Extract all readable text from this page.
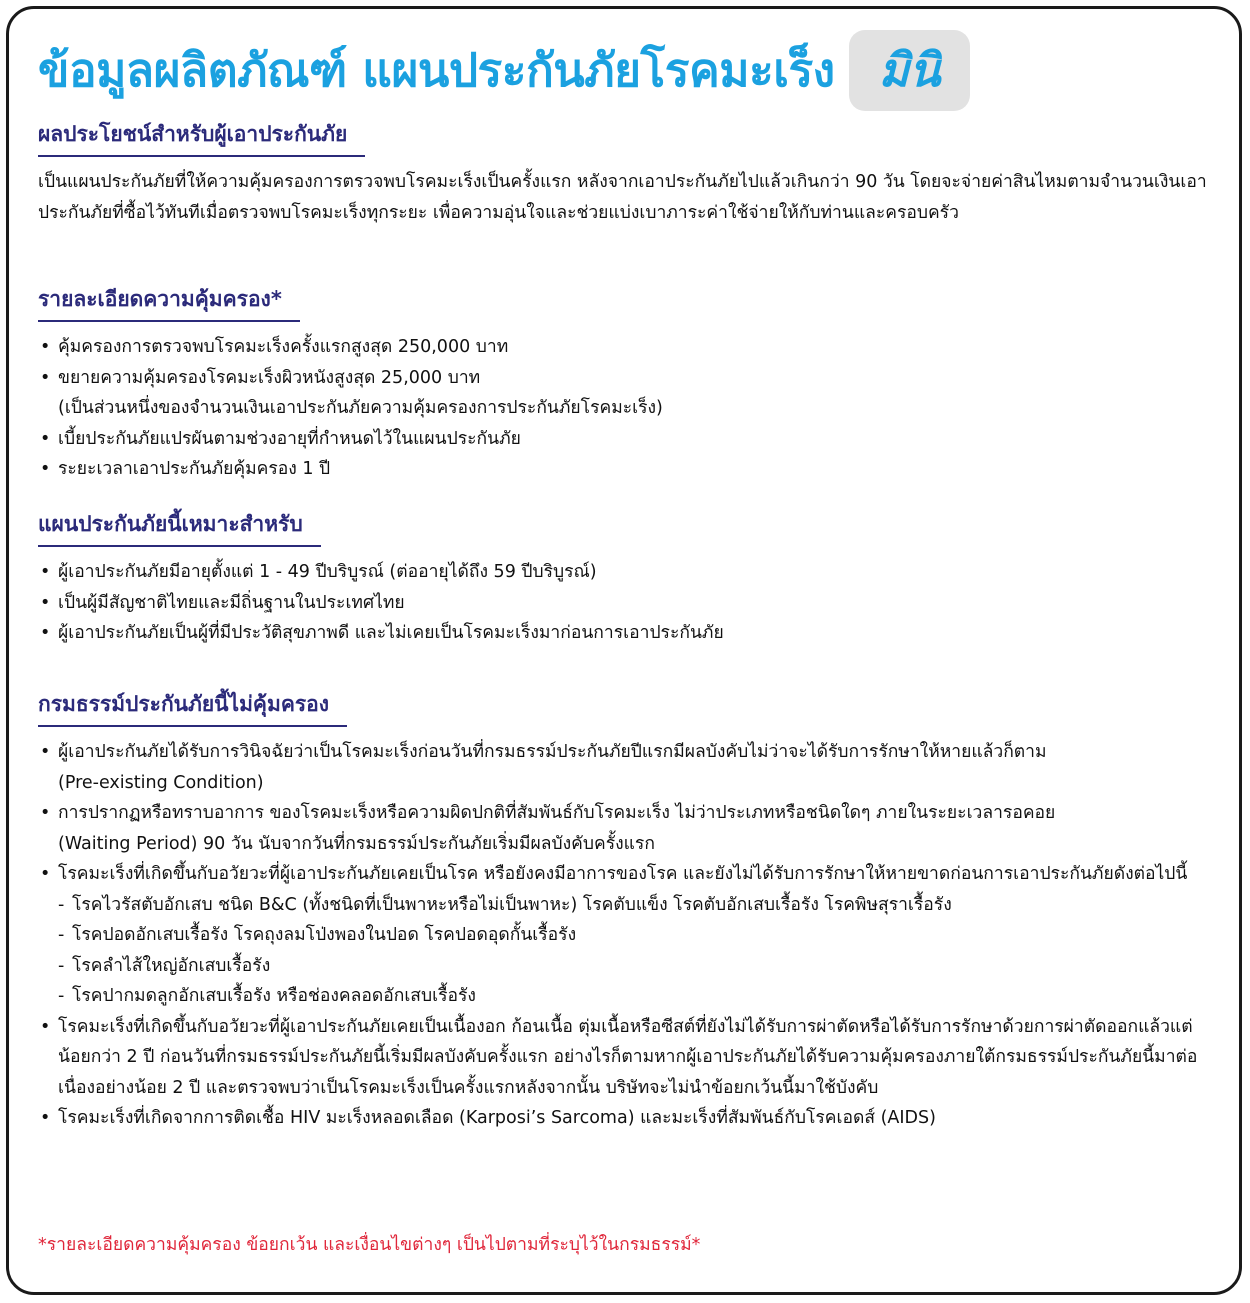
ข้อมูลผลิตภัณฑ์ แผนประกันภัยโรคมะเร็ง มินิ
ผลประโยชน์สำหรับผู้เอาประกันภัย

เป็นแผนประกันภัยที่ให้ความคุ้มครองการตรวจพบโรคมะเร็งเป็นครั้งแรก หลังจากเอาประกันภัยไปแล้วเกินกว่า 90 วัน โดยจะจ่ายค่าสินไหมตามจำนวนเงินเอาประกันภัยที่ซื้อไว้ทันทีเมื่อตรวจพบโรคมะเร็งทุกระยะ เพื่อความอุ่นใจและช่วยแบ่งเบาภาระค่าใช้จ่ายให้กับท่านและครอบครัว

รายละเอียดความคุ้มครอง*
• คุ้มครองการตรวจพบโรคมะเร็งครั้งแรกสูงสุด 250,000 บาท
• ขยายความคุ้มครองโรคมะเร็งผิวหนังสูงสุด 25,000 บาท
(เป็นส่วนหนึ่งของจำนวนเงินเอาประกันภัยความคุ้มครองการประกันภัยโรคมะเร็ง)
• เบี้ยประกันภัยแปรผันตามช่วงอายุที่กำหนดไว้ในแผนประกันภัย
• ระยะเวลาเอาประกันภัยคุ้มครอง 1 ปี
แผนประกันภัยนี้เหมาะสำหรับ
• ผู้เอาประกันภัยมีอายุตั้งแต่ 1 - 49 ปีบริบูรณ์ (ต่ออายุได้ถึง 59 ปีบริบูรณ์)
• เป็นผู้มีสัญชาติไทยและมีถิ่นฐานในประเทศไทย
• ผู้เอาประกันภัยเป็นผู้ที่มีประวัติสุขภาพดี และไม่เคยเป็นโรคมะเร็งมาก่อนการเอาประกันภัย
กรมธรรม์ประกันภัยนี้ไม่คุ้มครอง
• ผู้เอาประกันภัยได้รับการวินิจฉัยว่าเป็นโรคมะเร็งก่อนวันที่กรมธรรม์ประกันภัยปีแรกมีผลบังคับไม่ว่าจะได้รับการรักษาให้หายแล้วก็ตาม
(Pre-existing Condition)
• การปรากฏหรือทราบอาการ ของโรคมะเร็งหรือความผิดปกติที่สัมพันธ์กับโรคมะเร็ง ไม่ว่าประเภทหรือชนิดใดๆ ภายในระยะเวลารอคอย
(Waiting Period) 90 วัน นับจากวันที่กรมธรรม์ประกันภัยเริ่มมีผลบังคับครั้งแรก
• โรคมะเร็งที่เกิดขึ้นกับอวัยวะที่ผู้เอาประกันภัยเคยเป็นโรค หรือยังคงมีอาการของโรค และยังไม่ได้รับการรักษาให้หายขาดก่อนการเอาประกันภัยดังต่อไปนี้
- โรคไวรัสตับอักเสบ ชนิด B&C (ทั้งชนิดที่เป็นพาหะหรือไม่เป็นพาหะ) โรคตับแข็ง โรคตับอักเสบเรื้อรัง โรคพิษสุราเรื้อรัง
- โรคปอดอักเสบเรื้อรัง โรคถุงลมโป่งพองในปอด โรคปอดอุดกั้นเรื้อรัง
- โรคลำไส้ใหญ่อักเสบเรื้อรัง
- โรคปากมดลูกอักเสบเรื้อรัง หรือช่องคลอดอักเสบเรื้อรัง
• โรคมะเร็งที่เกิดขึ้นกับอวัยวะที่ผู้เอาประกันภัยเคยเป็นเนื้องอก ก้อนเนื้อ ตุ่มเนื้อหรือซีสต์ที่ยังไม่ได้รับการผ่าตัดหรือได้รับการรักษาด้วยการผ่าตัดออกแล้วแต่น้อยกว่า 2 ปี ก่อนวันที่กรมธรรม์ประกันภัยนี้เริ่มมีผลบังคับครั้งแรก อย่างไรก็ตามหากผู้เอาประกันภัยได้รับความคุ้มครองภายใต้กรมธรรม์ประกันภัยนี้มาต่อเนื่องอย่างน้อย 2 ปี และตรวจพบว่าเป็นโรคมะเร็งเป็นครั้งแรกหลังจากนั้น บริษัทจะไม่นำข้อยกเว้นนี้มาใช้บังคับ
• โรคมะเร็งที่เกิดจากการติดเชื้อ HIV มะเร็งหลอดเลือด (Karposi’s Sarcoma) และมะเร็งที่สัมพันธ์กับโรคเอดส์ (AIDS)
*รายละเอียดความคุ้มครอง ข้อยกเว้น และเงื่อนไขต่างๆ เป็นไปตามที่ระบุไว้ในกรมธรรม์*
